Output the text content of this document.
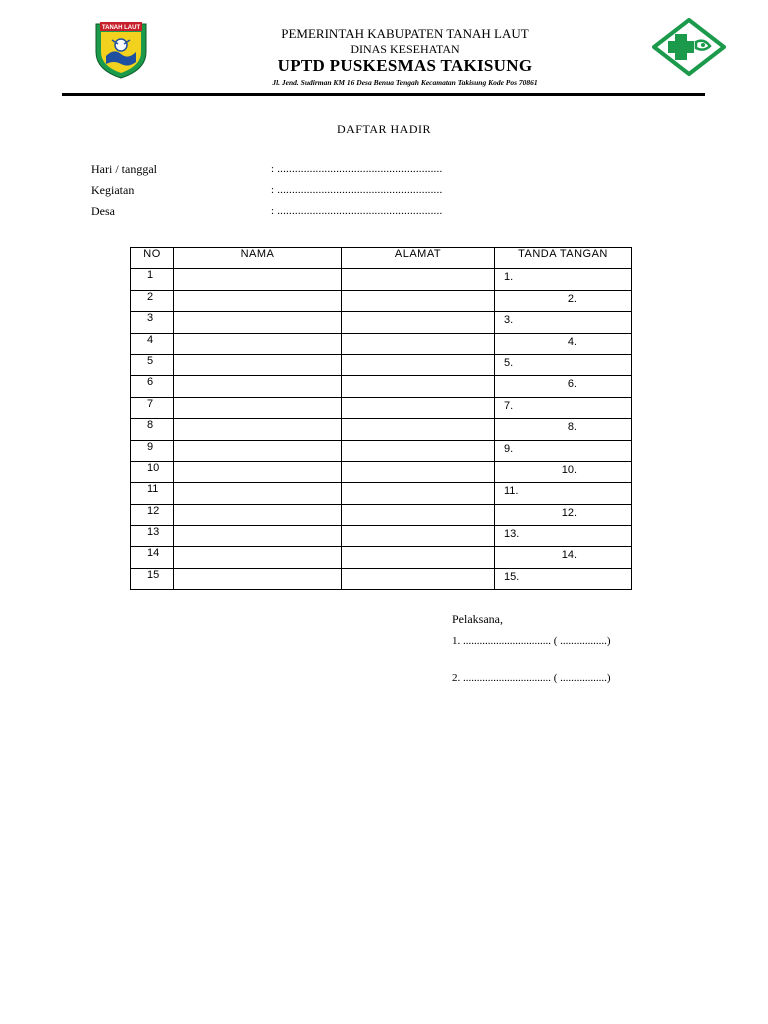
TANAH LAUT	PEMERINTAH KABUPATEN TANAH LAUT
DINAS KESEHATAN
UPTD PUSKESMAS TAKISUNG
Jl. Jend. Sudirman KM 16 Desa Benua Tengah Kecamatan Takisung Kode Pos 70861
DAFTAR HADIR
Hari / tanggal	: ........................................................
Kegiatan	: ........................................................
Desa	: ........................................................
NO	NAMA	ALAMAT	TANDA TANGAN
1			1.

2			2.

3			3.

4			4.

5			5.

6			6.

7			7.

8			8.

9			9.

10			10.

11			11.

12			12.

13			13.

14			14.

15			15.
Pelaksana,
1. ................................ ( .................)
2. ................................ ( .................)
